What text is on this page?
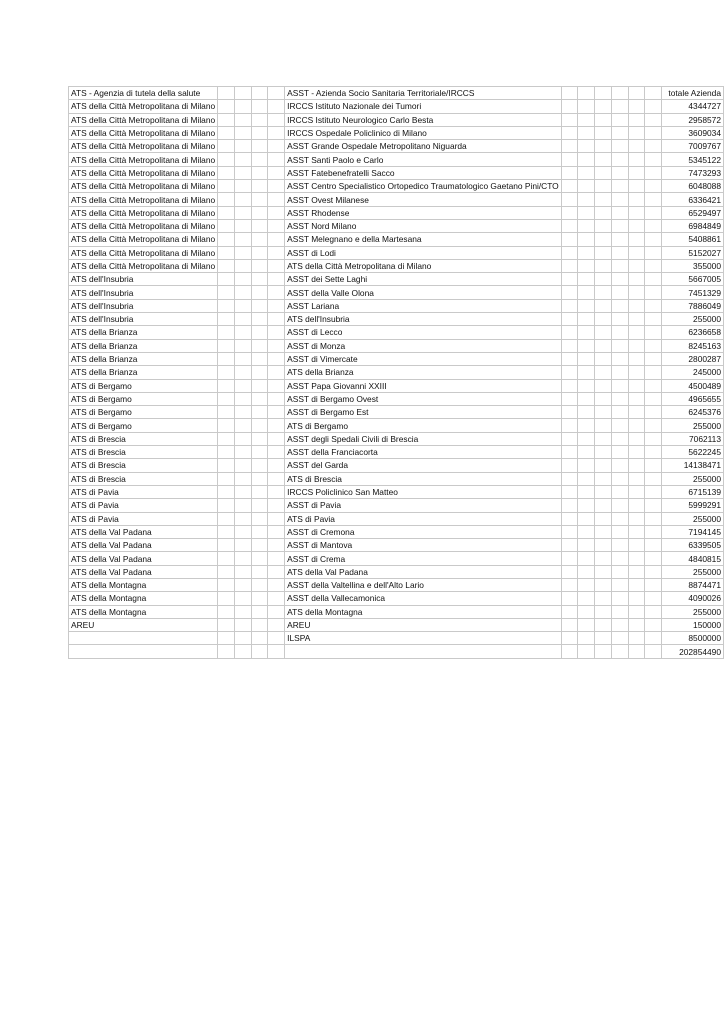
ATS - Agenzia di tutela della salute					ASST - Azienda Socio Sanitaria Territoriale/IRCCS							totale Azienda
ATS della Città Metropolitana di Milano					IRCCS Istituto Nazionale dei Tumori							4344727
ATS della Città Metropolitana di Milano					IRCCS Istituto Neurologico Carlo Besta							2958572
ATS della Città Metropolitana di Milano					IRCCS Ospedale Policlinico di Milano							3609034
ATS della Città Metropolitana di Milano					ASST Grande Ospedale Metropolitano Niguarda							7009767
ATS della Città Metropolitana di Milano					ASST Santi Paolo e Carlo							5345122
ATS della Città Metropolitana di Milano					ASST Fatebenefratelli Sacco							7473293
ATS della Città Metropolitana di Milano					ASST Centro Specialistico Ortopedico Traumatologico Gaetano Pini/CTO							6048088
ATS della Città Metropolitana di Milano					ASST Ovest Milanese							6336421
ATS della Città Metropolitana di Milano					ASST Rhodense							6529497
ATS della Città Metropolitana di Milano					ASST Nord Milano							6984849
ATS della Città Metropolitana di Milano					ASST Melegnano e della Martesana							5408861
ATS della Città Metropolitana di Milano					ASST di Lodi							5152027
ATS della Città Metropolitana di Milano					ATS della Città Metropolitana di Milano							355000
ATS dell'Insubria					ASST dei Sette Laghi							5667005
ATS dell'Insubria					ASST della Valle Olona							7451329
ATS dell'Insubria					ASST Lariana							7886049
ATS dell'Insubria					ATS dell'Insubria							255000
ATS della Brianza					ASST di Lecco							6236658
ATS della Brianza					ASST di Monza							8245163
ATS della Brianza					ASST di Vimercate							2800287
ATS della Brianza					ATS della Brianza							245000
ATS di Bergamo					ASST Papa Giovanni XXIII							4500489
ATS di Bergamo					ASST di Bergamo Ovest							4965655
ATS di Bergamo					ASST di Bergamo Est							6245376
ATS di Bergamo					ATS di Bergamo							255000
ATS di Brescia					ASST degli Spedali Civili di Brescia							7062113
ATS di Brescia					ASST della Franciacorta							5622245
ATS di Brescia					ASST del Garda							14138471
ATS di Brescia					ATS di Brescia							255000
ATS di Pavia					IRCCS Policlinico San Matteo							6715139
ATS di Pavia					ASST di Pavia							5999291
ATS di Pavia					ATS di Pavia							255000
ATS della Val Padana					ASST di Cremona							7194145
ATS della Val Padana					ASST di Mantova							6339505
ATS della Val Padana					ASST di Crema							4840815
ATS della Val Padana					ATS della Val Padana							255000
ATS della Montagna					ASST della Valtellina e dell'Alto Lario							8874471
ATS della Montagna					ASST della Vallecamonica							4090026
ATS della Montagna					ATS della Montagna							255000
AREU					AREU							150000
					ILSPA							8500000
												202854490
